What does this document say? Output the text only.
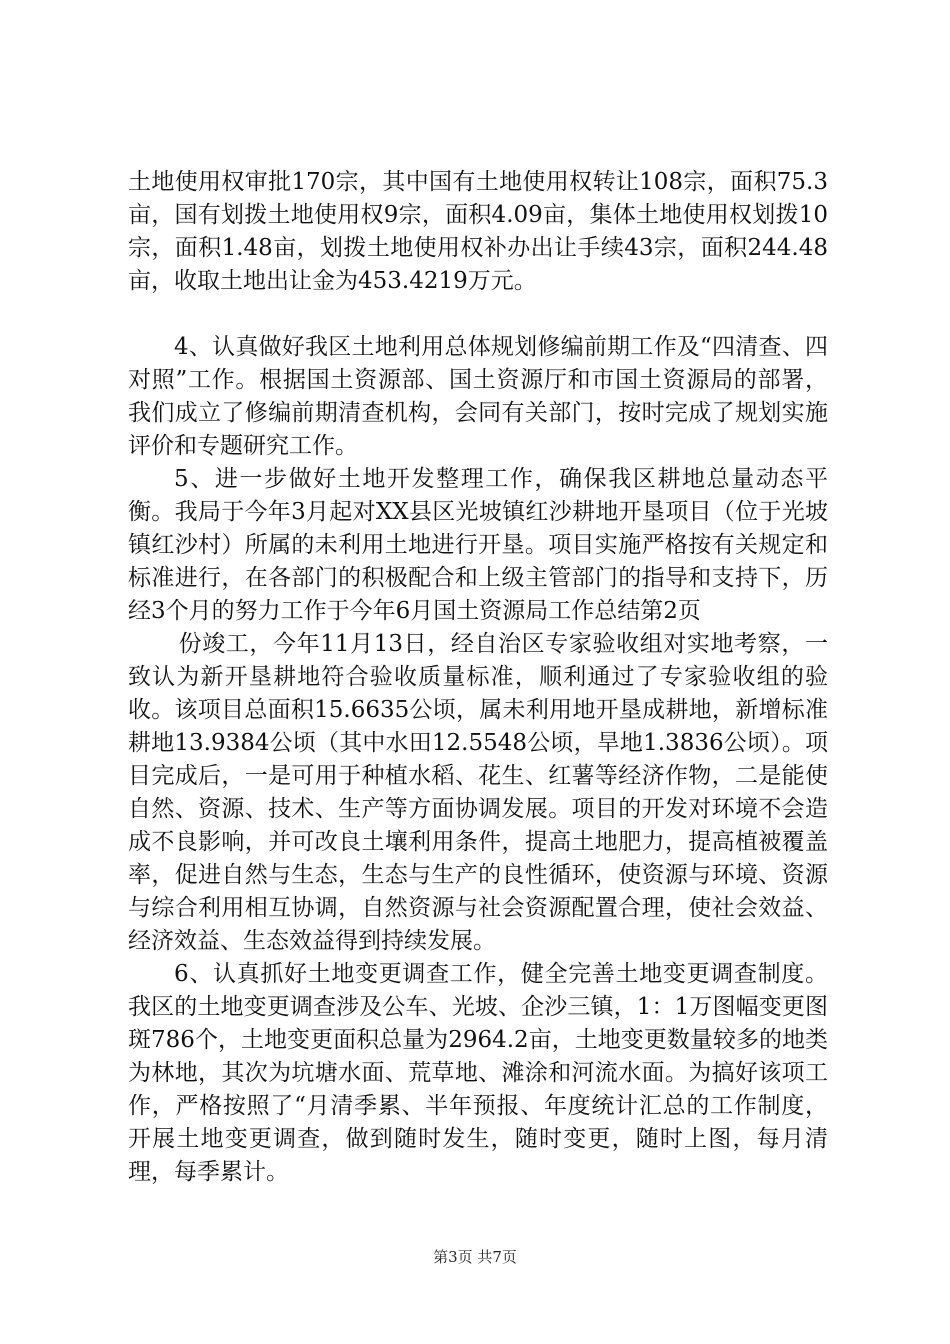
土地使用权审批170宗，其中国有土地使用权转让108宗，面积75.3亩，国有划拨土地使用权9宗，面积4.09亩，集体土地使用权划拨10宗，面积1.48亩，划拨土地使用权补办出让手续43宗，面积244.48亩，收取土地出让金为453.4219万元。

4、认真做好我区土地利用总体规划修编前期工作及“四清查、四对照”工作。根据国土资源部、国土资源厅和市国土资源局的部署，我们成立了修编前期清查机构，会同有关部门，按时完成了规划实施评价和专题研究工作。

5、进一步做好土地开发整理工作，确保我区耕地总量动态平衡。我局于今年3月起对XX县区光坡镇红沙耕地开垦项目（位于光坡镇红沙村）所属的未利用土地进行开垦。项目实施严格按有关规定和标准进行，在各部门的积极配合和上级主管部门的指导和支持下，历经3个月的努力工作于今年6月国土资源局工作总结第2页

份竣工，今年11月13日，经自治区专家验收组对实地考察，一致认为新开垦耕地符合验收质量标准，顺利通过了专家验收组的验收。该项目总面积15.6635公顷，属未利用地开垦成耕地，新增标准耕地13.9384公顷（其中水田12.5548公顷，旱地1.3836公顷）。项目完成后，一是可用于种植水稻、花生、红薯等经济作物，二是能使自然、资源、技术、生产等方面协调发展。项目的开发对环境不会造成不良影响，并可改良土壤利用条件，提高土地肥力，提高植被覆盖率，促进自然与生态，生态与生产的良性循环，使资源与环境、资源与综合利用相互协调，自然资源与社会资源配置合理，使社会效益、经济效益、生态效益得到持续发展。

6、认真抓好土地变更调查工作，健全完善土地变更调查制度。我区的土地变更调查涉及公车、光坡、企沙三镇，1：1万图幅变更图斑786个，土地变更面积总量为2964.2亩，土地变更数量较多的地类为林地，其次为坑塘水面、荒草地、滩涂和河流水面。为搞好该项工作，严格按照了“月清季累、半年预报、年度统计汇总的工作制度，开展土地变更调查，做到随时发生，随时变更，随时上图，每月清理，每季累计。

第3页 共7页
